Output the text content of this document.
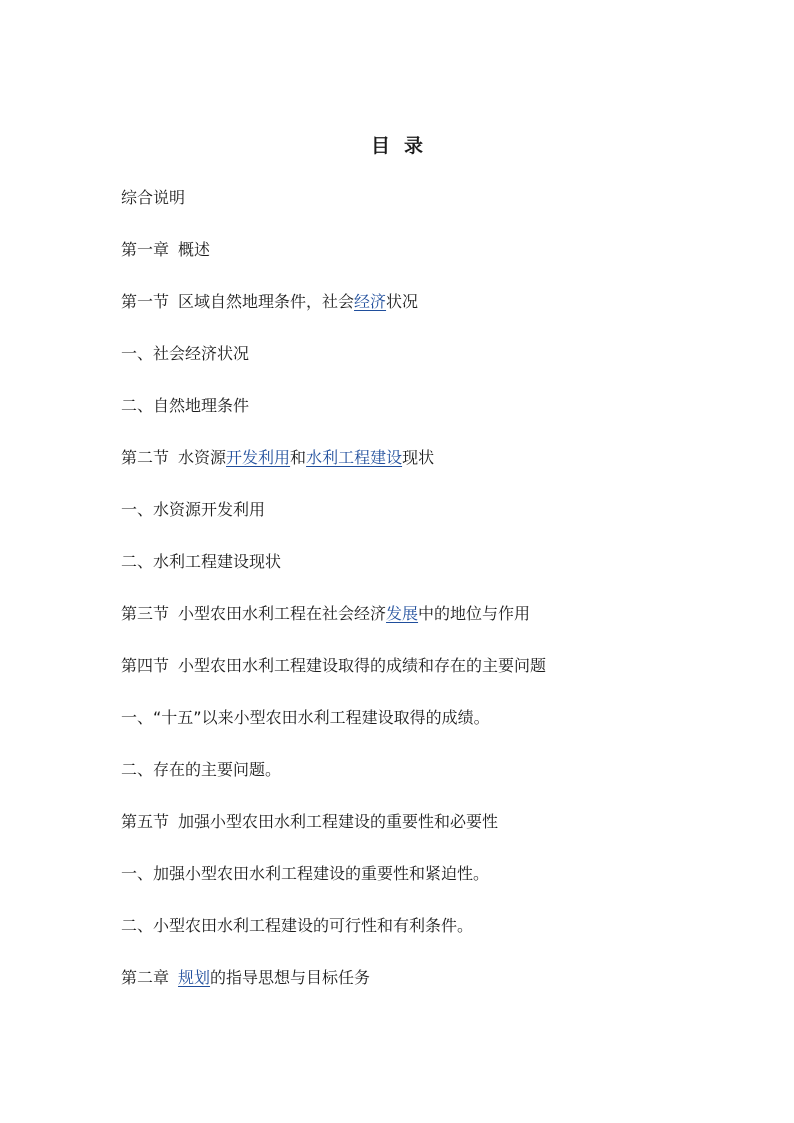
目录
综合说明
第一章 概述
第一节 区域自然地理条件，社会经济状况
一、社会经济状况
二、自然地理条件
第二节 水资源开发利用和水利工程建设现状
一、水资源开发利用
二、水利工程建设现状
第三节 小型农田水利工程在社会经济发展中的地位与作用
第四节 小型农田水利工程建设取得的成绩和存在的主要问题
一、“十五”以来小型农田水利工程建设取得的成绩。
二、存在的主要问题。
第五节 加强小型农田水利工程建设的重要性和必要性
一、加强小型农田水利工程建设的重要性和紧迫性。
二、小型农田水利工程建设的可行性和有利条件。
第二章 规划的指导思想与目标任务
